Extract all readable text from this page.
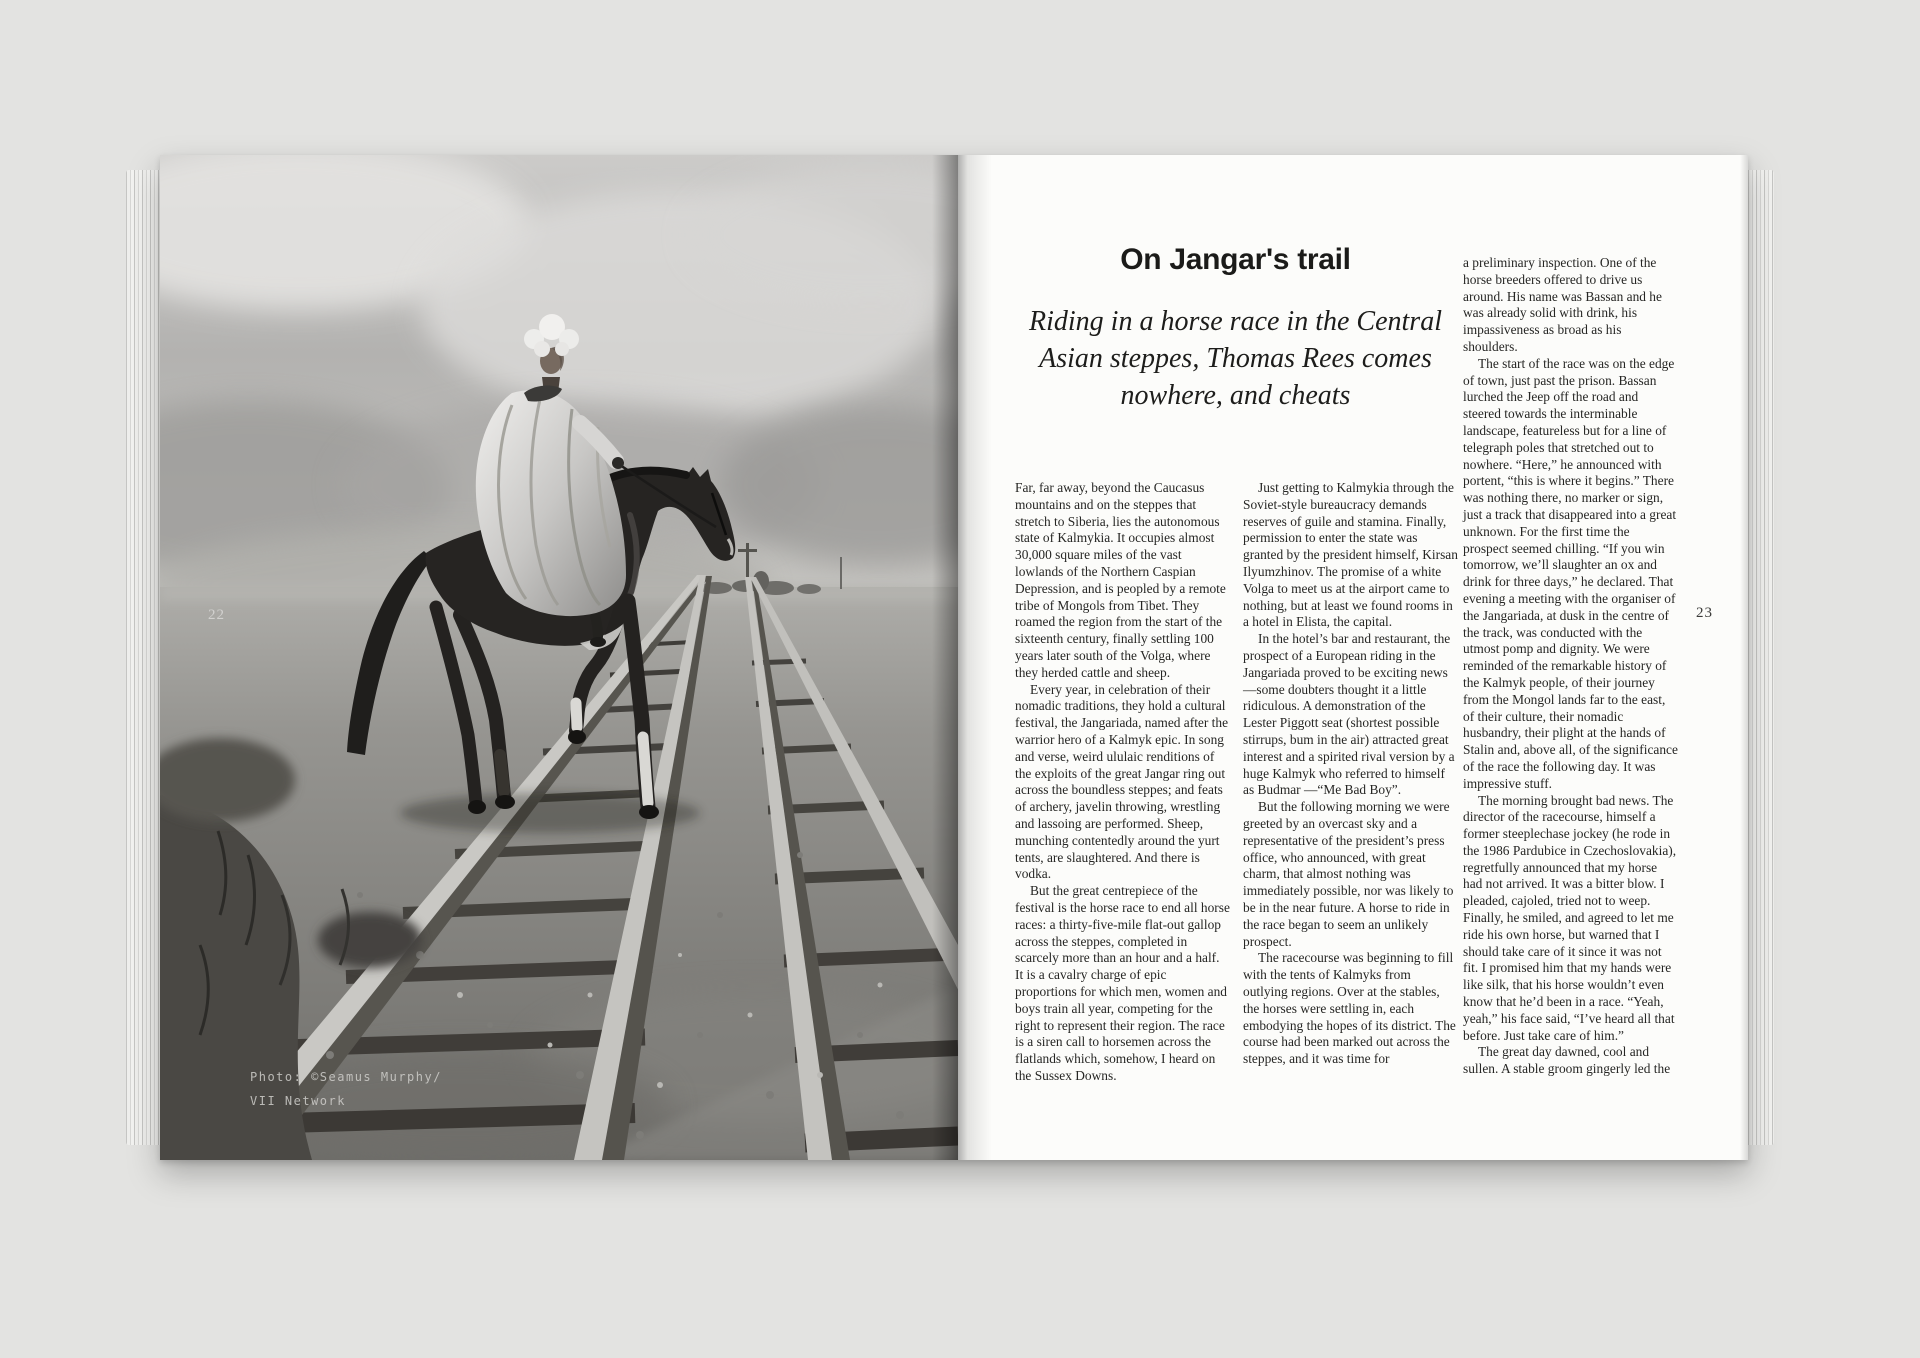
22
Photo: ©Seamus Murphy/
VII Network
On Jangar's trail
Riding in a horse race in the Central
Asian steppes, Thomas Rees comes
nowhere, and cheats

Far, far away, beyond the Caucasus mountains and on the steppes that stretch to Siberia, lies the autonomous state of Kalmykia. It occupies almost 30,000 square miles of the vast lowlands of the Northern Caspian Depression, and is peopled by a remote tribe of Mongols from Tibet. They roamed the region from the start of the sixteenth century, finally settling 100 years later south of the Volga, where they herded cattle and sheep.

Every year, in celebration of their nomadic traditions, they hold a cultural festival, the Jangariada, named after the warrior hero of a Kalmyk epic. In song and verse, weird ululaic renditions of the exploits of the great Jangar ring out across the boundless steppes; and feats of archery, javelin throwing, wrestling and lassoing are performed. Sheep, munching contentedly around the yurt tents, are slaughtered. And there is vodka.

But the great centrepiece of the festival is the horse race to end all horse races: a thirty-five-mile flat-out gallop across the steppes, completed in scarcely more than an hour and a half. It is a cavalry charge of epic proportions for which men, women and boys train all year, competing for the right to represent their region. The race is a siren call to horsemen across the flatlands which, somehow, I heard on the Sussex Downs.

Just getting to Kalmykia through the Soviet-style bureaucracy demands reserves of guile and stamina. Finally, permission to enter the state was granted by the president himself, Kirsan Ilyumzhinov. The promise of a white Volga to meet us at the airport came to nothing, but at least we found rooms in a hotel in Elista, the capital.

In the hotel’s bar and restaurant, the prospect of a European riding in the Jangariada proved to be exciting news—some doubters thought it a little ridiculous. A demonstration of the Lester Piggott seat (shortest possible stirrups, bum in the air) attracted great interest and a spirited rival version by a huge Kalmyk who referred to himself as Budmar —“Me Bad Boy”.

But the following morning we were greeted by an overcast sky and a representative of the president’s press office, who announced, with great charm, that almost nothing was immediately possible, nor was likely to be in the near future. A horse to ride in the race began to seem an unlikely prospect.

The racecourse was beginning to fill with the tents of Kalmyks from outlying regions. Over at the stables, the horses were settling in, each embodying the hopes of its district. The course had been marked out across the steppes, and it was time for

a preliminary inspection. One of the horse breeders offered to drive us around. His name was Bassan and he was already solid with drink, his impassiveness as broad as his shoulders.

The start of the race was on the edge of town, just past the prison. Bassan lurched the Jeep off the road and steered towards the interminable landscape, featureless but for a line of telegraph poles that stretched out to nowhere. “Here,” he announced with portent, “this is where it begins.” There was nothing there, no marker or sign, just a track that disappeared into a great unknown. For the first time the prospect seemed chilling. “If you win tomorrow, we’ll slaughter an ox and drink for three days,” he declared. That evening a meeting with the organiser of the Jangariada, at dusk in the centre of the track, was conducted with the utmost pomp and dignity. We were reminded of the remarkable history of the Kalmyk people, of their journey from the Mongol lands far to the east, of their culture, their nomadic husbandry, their plight at the hands of Stalin and, above all, of the significance of the race the following day. It was impressive stuff.

The morning brought bad news. The director of the racecourse, himself a former steeplechase jockey (he rode in the 1986 Pardubice in Czechoslovakia), regretfully announced that my horse had not arrived. It was a bitter blow. I pleaded, cajoled, tried not to weep. Finally, he smiled, and agreed to let me ride his own horse, but warned that I should take care of it since it was not fit. I promised him that my hands were like silk, that his horse wouldn’t even know that he’d been in a race. “Yeah, yeah,” his face said, “I’ve heard all that before. Just take care of him.”

The great day dawned, cool and sullen. A stable groom gingerly led the

23
